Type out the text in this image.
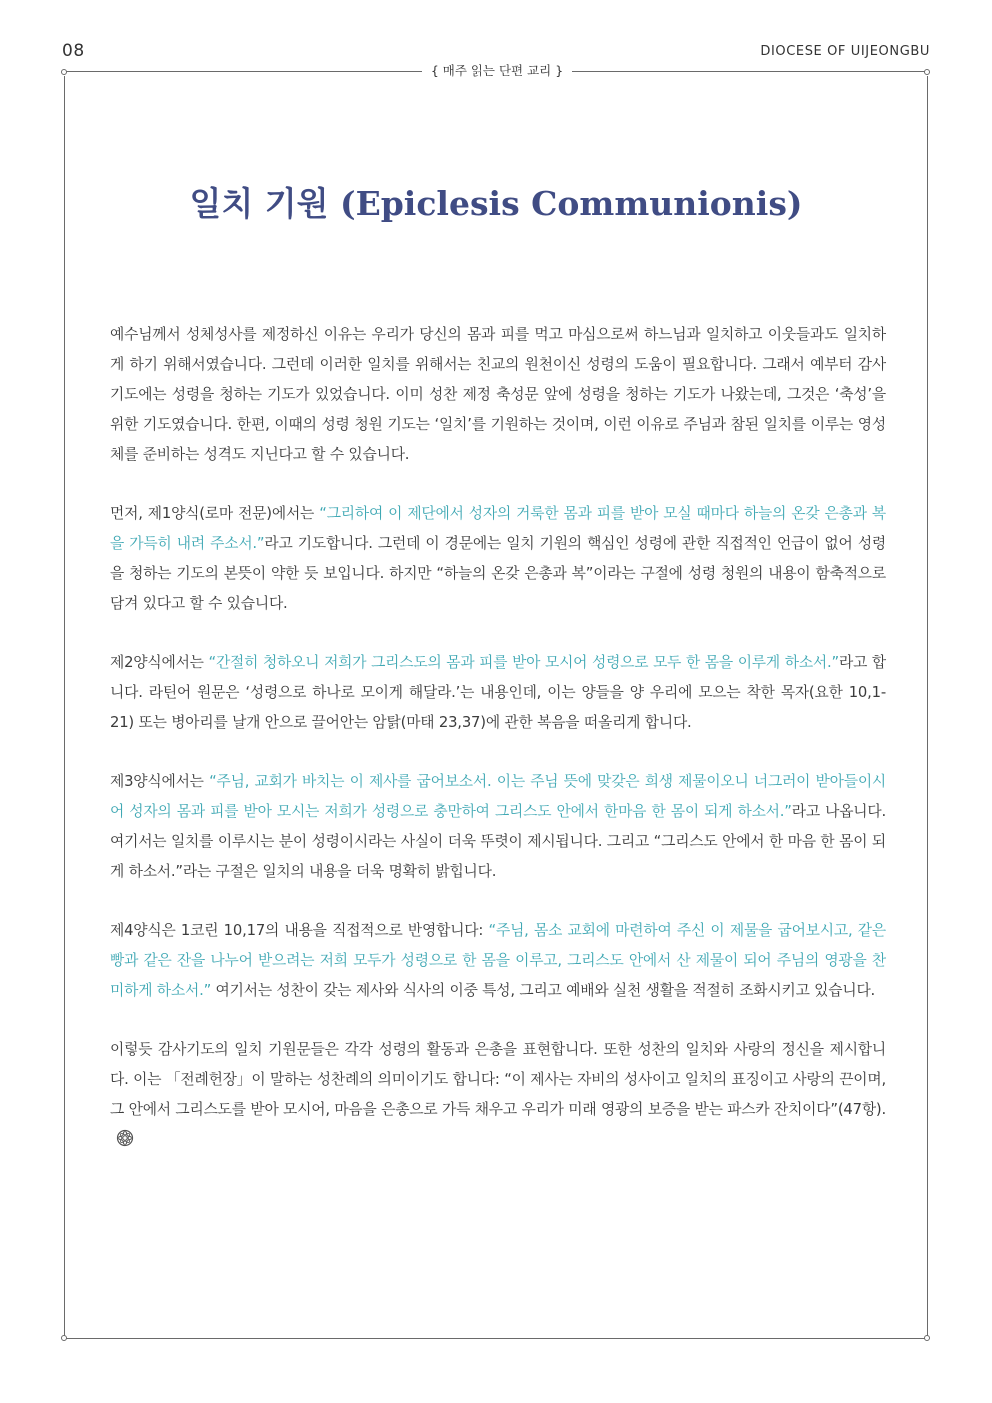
08	DIOCESE OF UIJEONGBU
{ 매주 읽는 단편 교리 }
일치 기원 (Epiclesis Communionis)

예수님께서 성체성사를 제정하신 이유는 우리가 당신의 몸과 피를 먹고 마심으로써 하느님과 일치하고 이웃들과도 일치하게 하기 위해서였습니다. 그런데 이러한 일치를 위해서는 친교의 원천이신 성령의 도움이 필요합니다. 그래서 예부터 감사기도에는 성령을 청하는 기도가 있었습니다. 이미 성찬 제정 축성문 앞에 성령을 청하는 기도가 나왔는데, 그것은 ‘축성’을 위한 기도였습니다. 한편, 이때의 성령 청원 기도는 ‘일치’를 기원하는 것이며, 이런 이유로 주님과 참된 일치를 이루는 영성체를 준비하는 성격도 지닌다고 할 수 있습니다.

먼저, 제1양식(로마 전문)에서는 “그리하여 이 제단에서 성자의 거룩한 몸과 피를 받아 모실 때마다 하늘의 온갖 은총과 복을 가득히 내려 주소서.”라고 기도합니다. 그런데 이 경문에는 일치 기원의 핵심인 성령에 관한 직접적인 언급이 없어 성령을 청하는 기도의 본뜻이 약한 듯 보입니다. 하지만 “하늘의 온갖 은총과 복”이라는 구절에 성령 청원의 내용이 함축적으로 담겨 있다고 할 수 있습니다.

제2양식에서는 “간절히 청하오니 저희가 그리스도의 몸과 피를 받아 모시어 성령으로 모두 한 몸을 이루게 하소서.”라고 합니다. 라틴어 원문은 ‘성령으로 하나로 모이게 해달라.’는 내용인데, 이는 양들을 양 우리에 모으는 착한 목자(요한 10,1-21) 또는 병아리를 날개 안으로 끌어안는 암탉(마태 23,37)에 관한 복음을 떠올리게 합니다.

제3양식에서는 “주님, 교회가 바치는 이 제사를 굽어보소서. 이는 주님 뜻에 맞갖은 희생 제물이오니 너그러이 받아들이시어 성자의 몸과 피를 받아 모시는 저희가 성령으로 충만하여 그리스도 안에서 한마음 한 몸이 되게 하소서.”라고 나옵니다. 여기서는 일치를 이루시는 분이 성령이시라는 사실이 더욱 뚜렷이 제시됩니다. 그리고 “그리스도 안에서 한 마음 한 몸이 되게 하소서.”라는 구절은 일치의 내용을 더욱 명확히 밝힙니다.

제4양식은 1코린 10,17의 내용을 직접적으로 반영합니다: “주님, 몸소 교회에 마련하여 주신 이 제물을 굽어보시고, 같은 빵과 같은 잔을 나누어 받으려는 저희 모두가 성령으로 한 몸을 이루고, 그리스도 안에서 산 제물이 되어 주님의 영광을 찬미하게 하소서.” 여기서는 성찬이 갖는 제사와 식사의 이중 특성, 그리고 예배와 실천 생활을 적절히 조화시키고 있습니다.

이렇듯 감사기도의 일치 기원문들은 각각 성령의 활동과 은총을 표현합니다. 또한 성찬의 일치와 사랑의 정신을 제시합니다. 이는 「전례헌장」이 말하는 성찬례의 의미이기도 합니다: “이 제사는 자비의 성사이고 일치의 표징이고 사랑의 끈이며, 그 안에서 그리스도를 받아 모시어, 마음을 은총으로 가득 채우고 우리가 미래 영광의 보증을 받는 파스카 잔치이다”(47항).
